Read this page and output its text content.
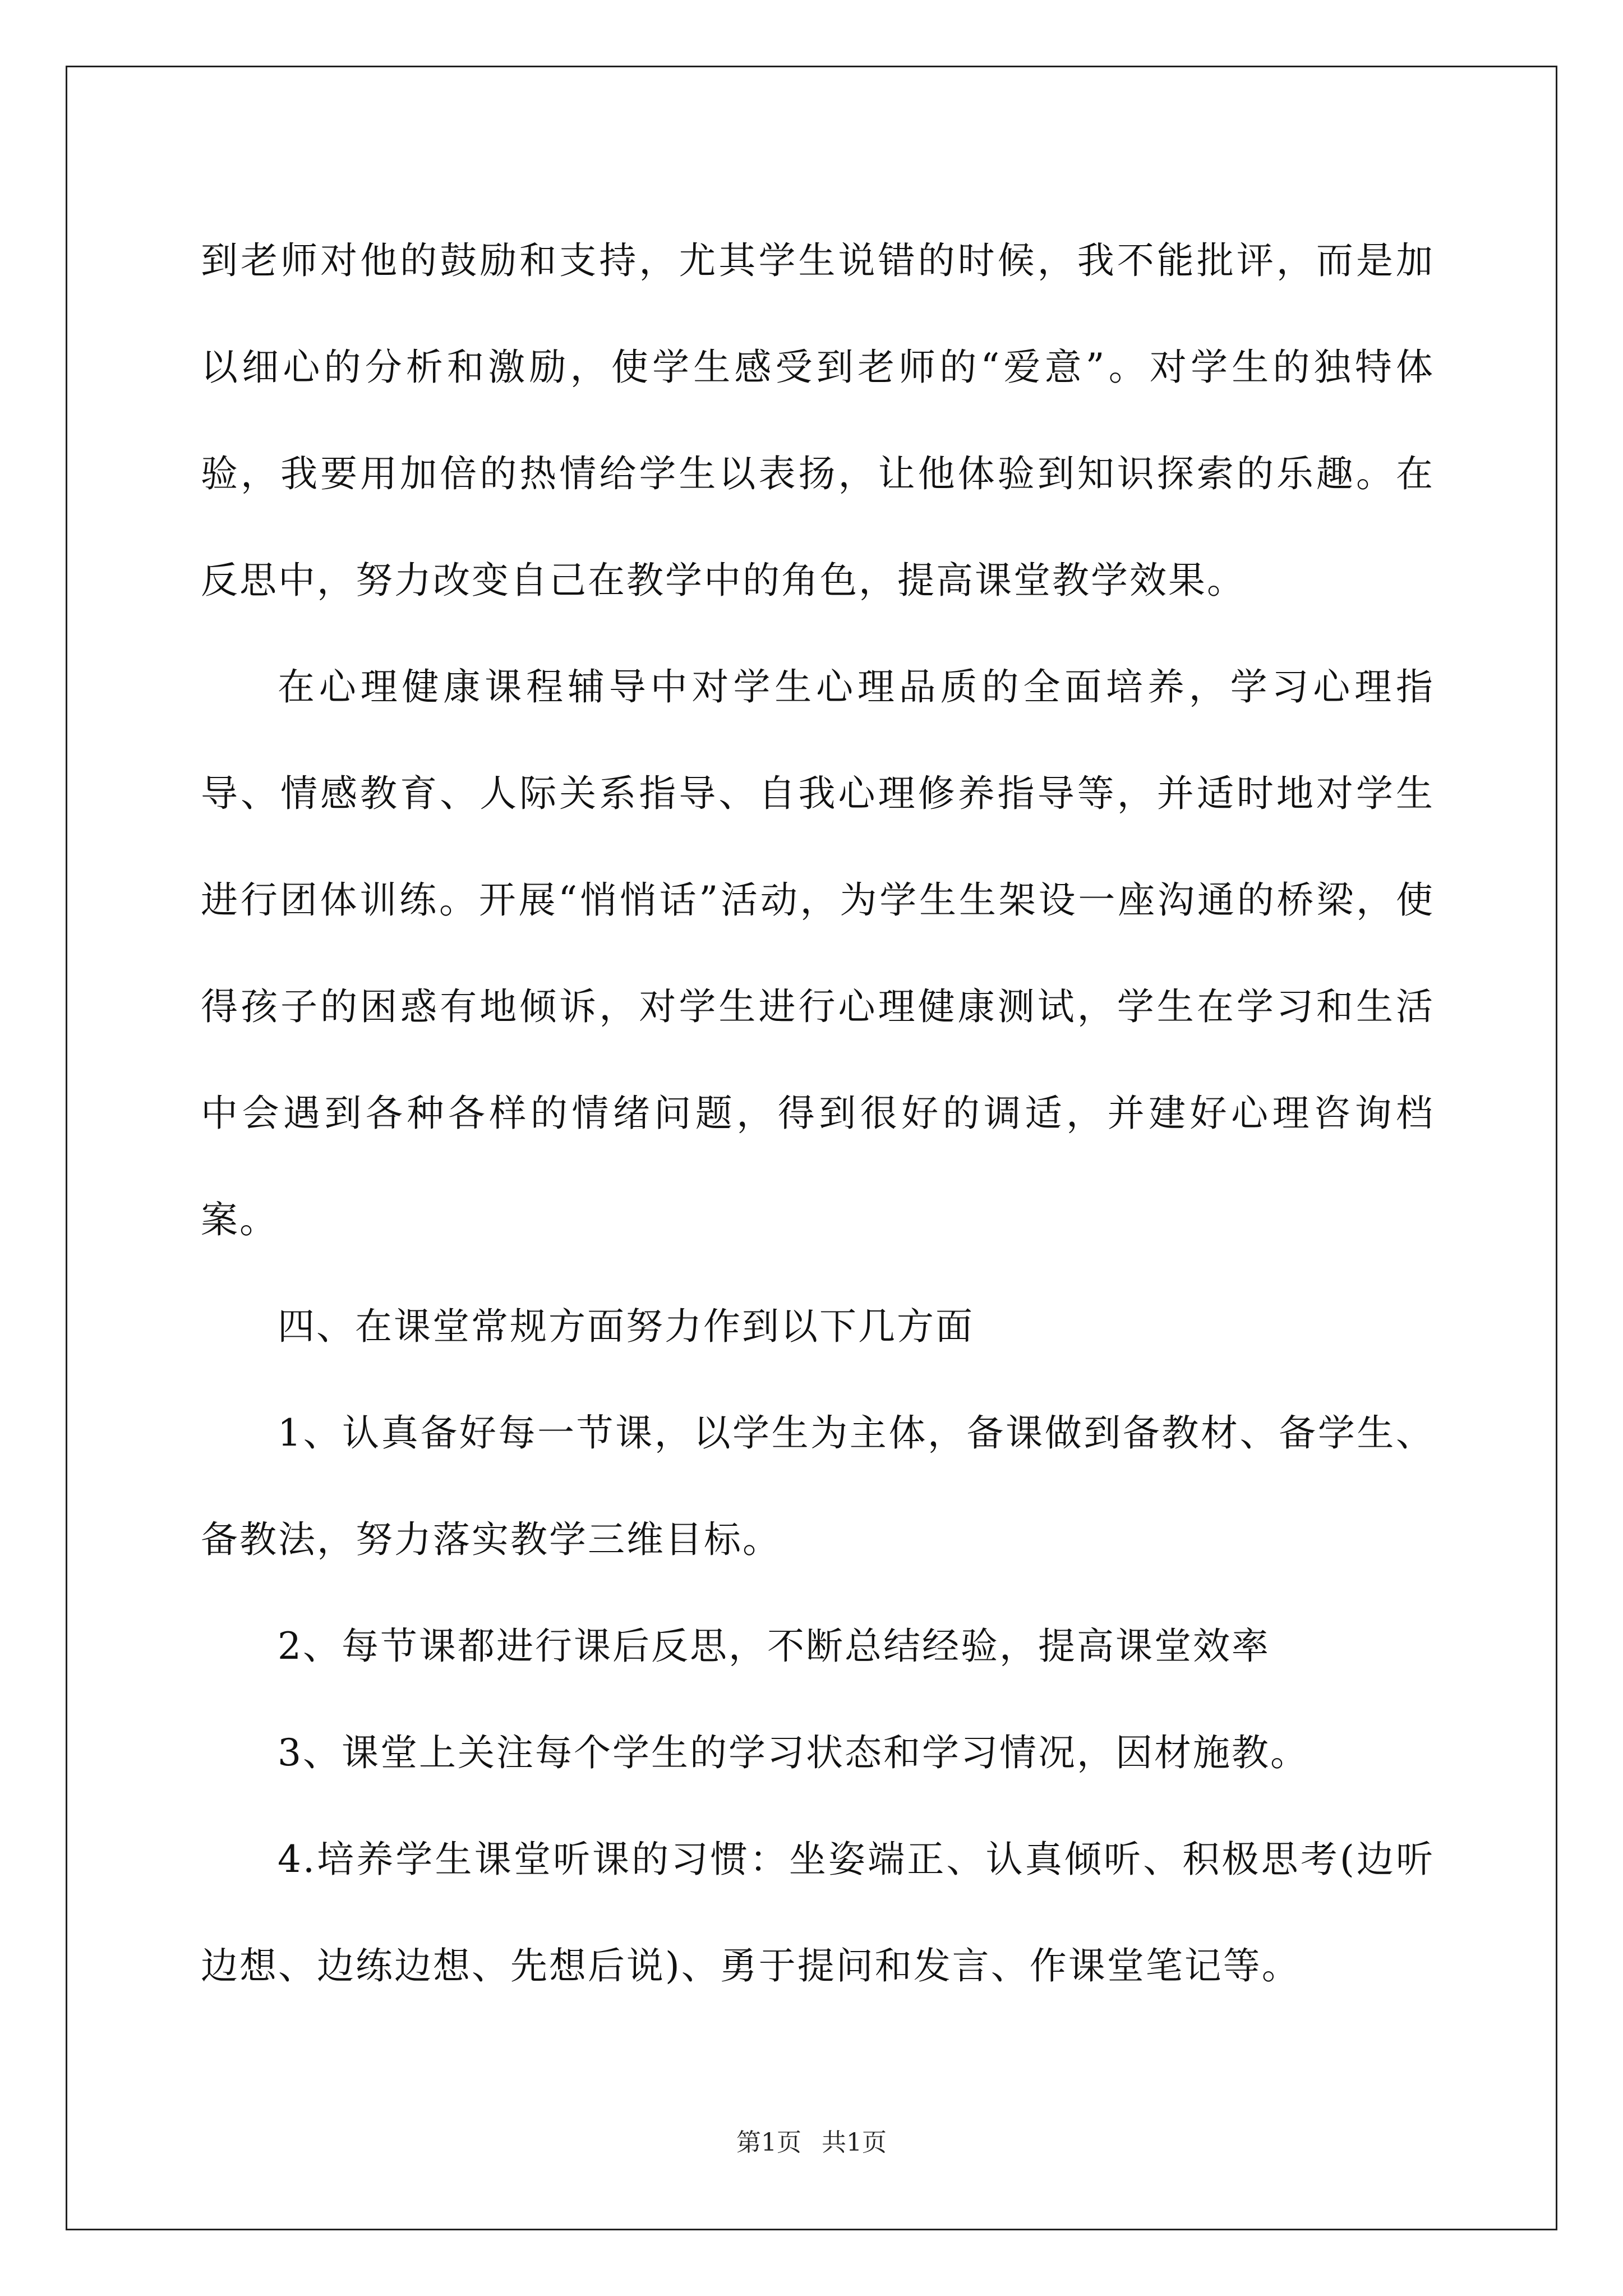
到老师对他的鼓励和支持，尤其学生说错的时候，我不能批评，而是加以细心的分析和激励，使学生感受到老师的“爱意”。对学生的独特体验，我要用加倍的热情给学生以表扬，让他体验到知识探索的乐趣。在反思中，努力改变自己在教学中的角色，提高课堂教学效果。

在心理健康课程辅导中对学生心理品质的全面培养，学习心理指导、情感教育、人际关系指导、自我心理修养指导等，并适时地对学生进行团体训练。开展“悄悄话”活动，为学生生架设一座沟通的桥梁，使得孩子的困惑有地倾诉，对学生进行心理健康测试，学生在学习和生活中会遇到各种各样的情绪问题，得到很好的调适，并建好心理咨询档案。

四、在课堂常规方面努力作到以下几方面

1、认真备好每一节课，以学生为主体，备课做到备教材、备学生、备教法，努力落实教学三维目标。

2、每节课都进行课后反思，不断总结经验，提高课堂效率

3、课堂上关注每个学生的学习状态和学习情况，因材施教。

4.培养学生课堂听课的习惯：坐姿端正、认真倾听、积极思考(边听边想、边练边想、先想后说)、勇于提问和发言、作课堂笔记等。

第1页 共1页
